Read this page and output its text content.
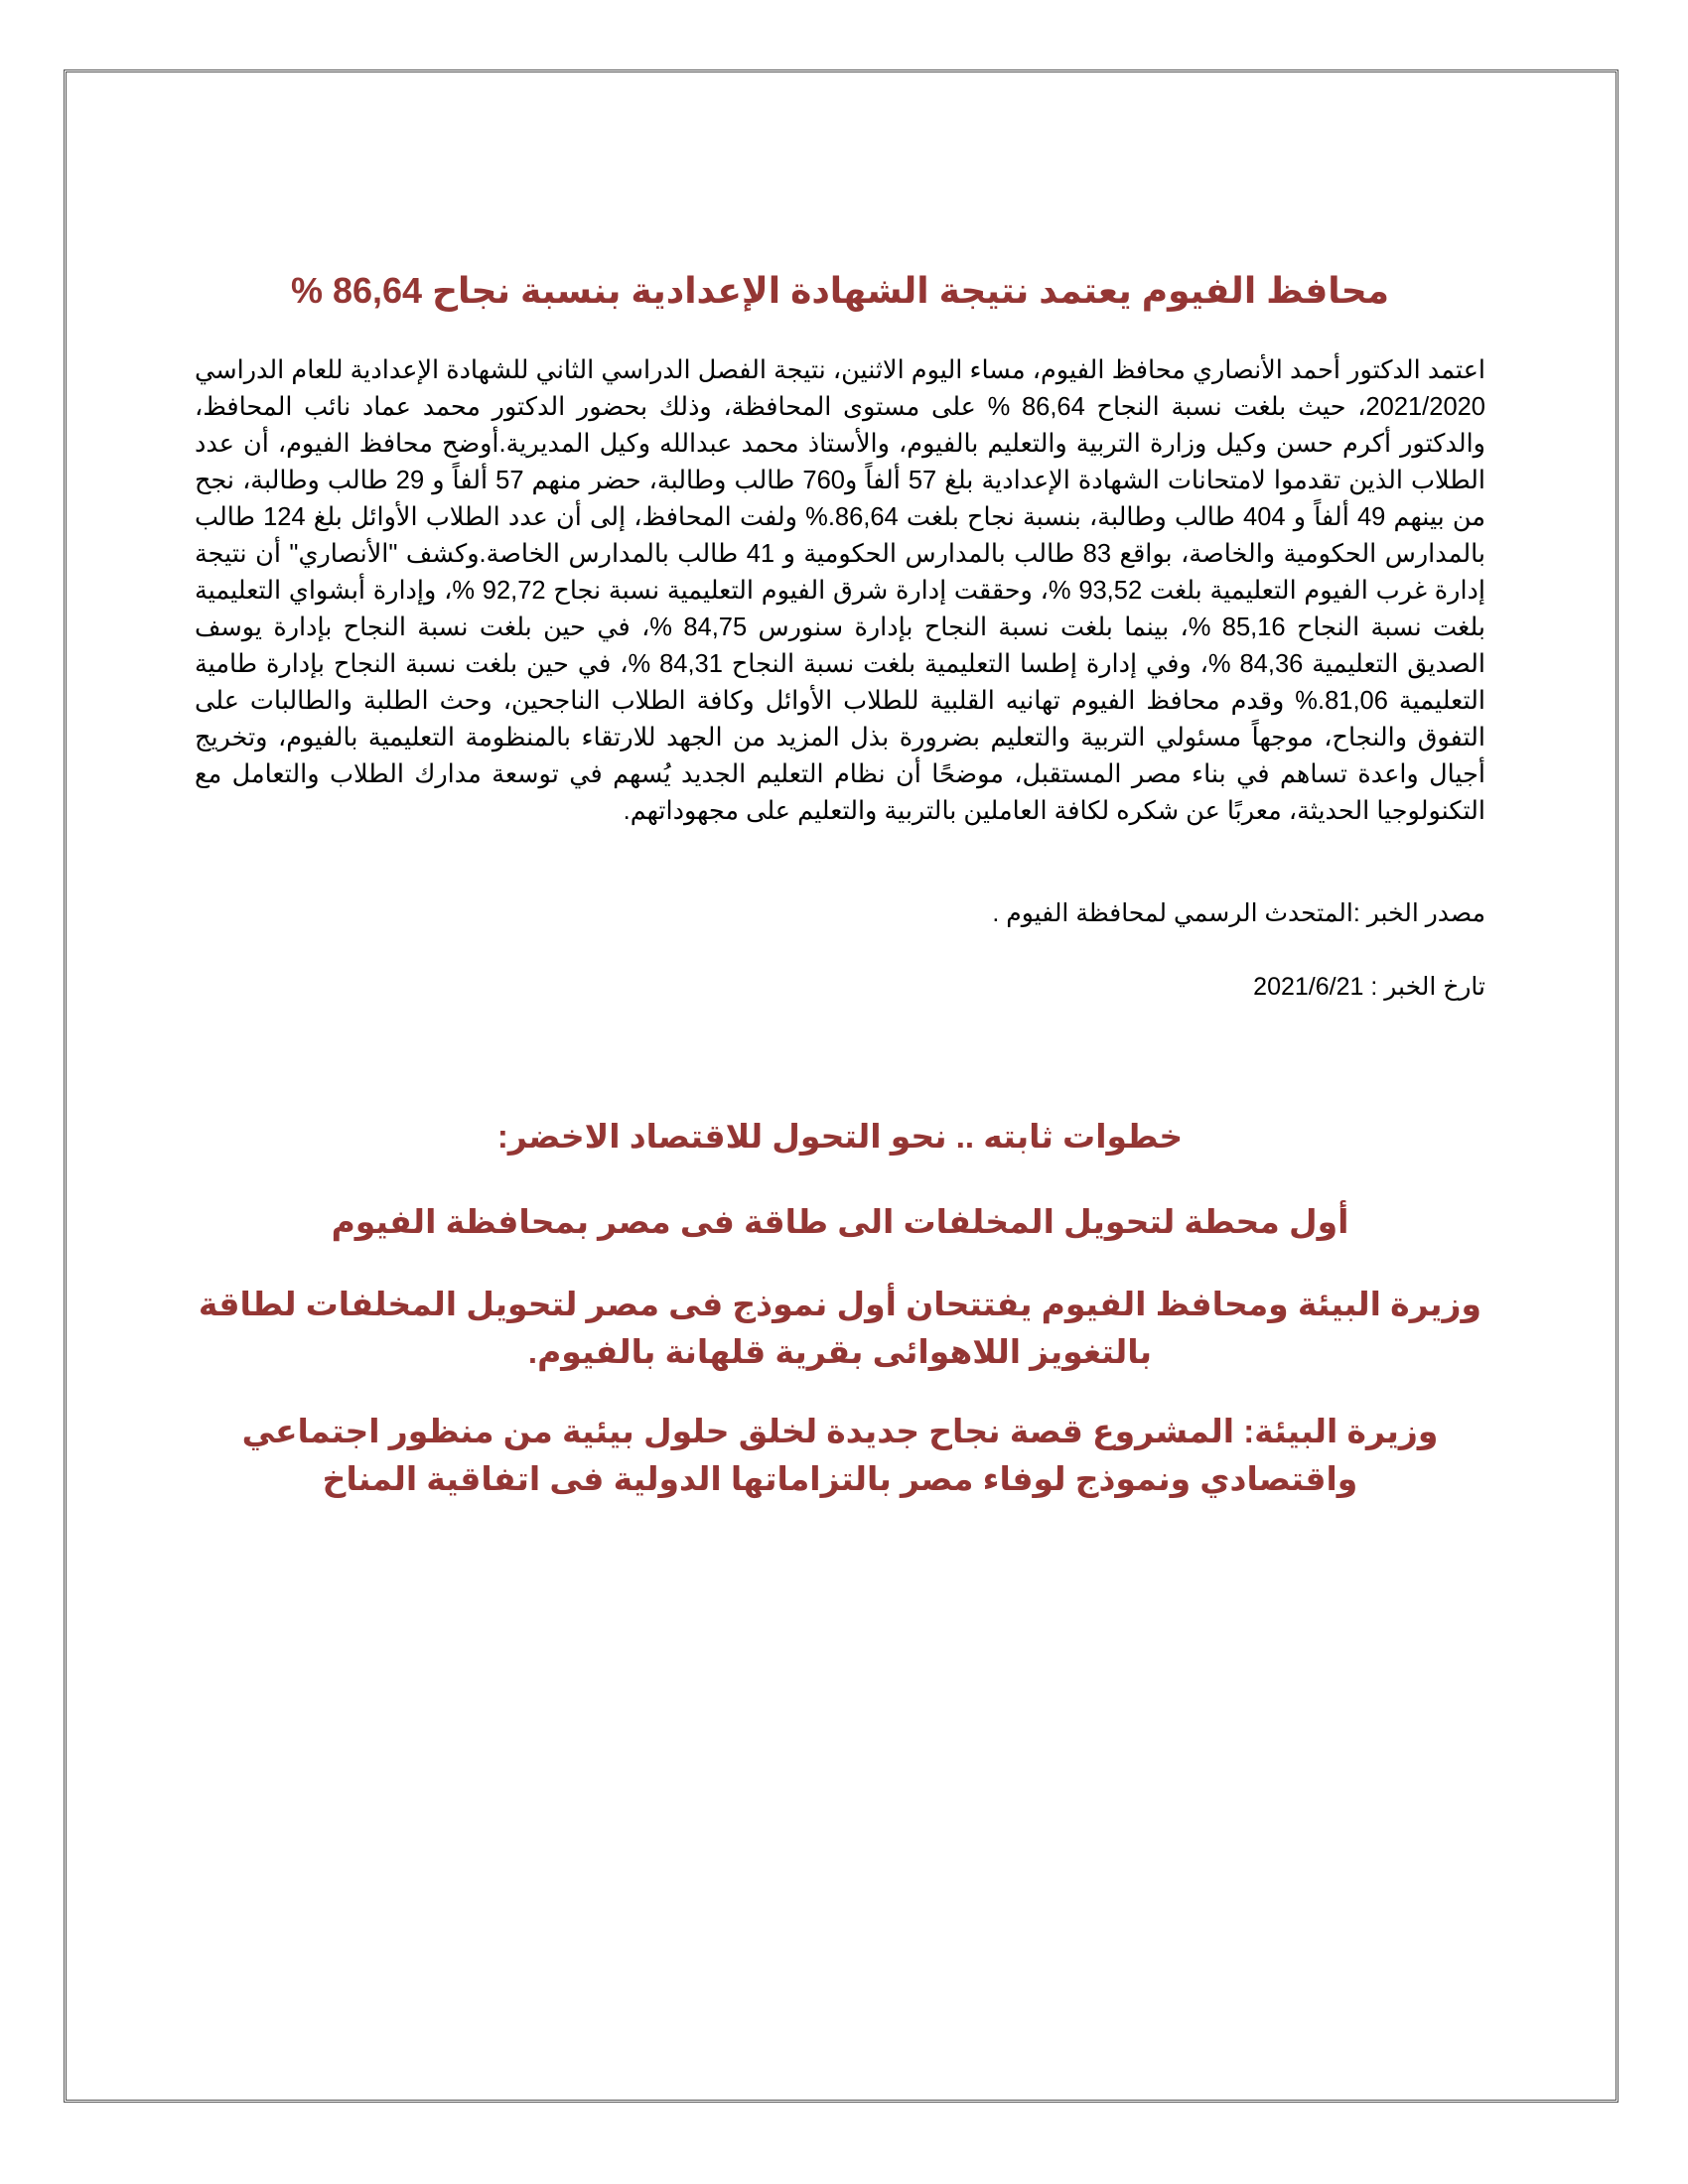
محافظ الفيوم يعتمد نتيجة الشهادة الإعدادية بنسبة نجاح 86,64 %

اعتمد الدكتور أحمد الأنصاري محافظ الفيوم، مساء اليوم الاثنين، نتيجة الفصل الدراسي الثاني للشهادة الإعدادية للعام الدراسي 2021/2020، حيث بلغت نسبة النجاح 86,64 % على مستوى المحافظة، وذلك بحضور الدكتور محمد عماد نائب المحافظ، والدكتور أكرم حسن وكيل وزارة التربية والتعليم بالفيوم، والأستاذ محمد عبدالله وكيل المديرية.أوضح محافظ الفيوم، أن عدد الطلاب الذين تقدموا لامتحانات الشهادة الإعدادية بلغ 57 ألفاً و760 طالب وطالبة، حضر منهم 57 ألفاً و 29 طالب وطالبة، نجح من بينهم 49 ألفاً و 404 طالب وطالبة، بنسبة نجاح بلغت 86,64.% ولفت المحافظ، إلى أن عدد الطلاب الأوائل بلغ 124 طالب بالمدارس الحكومية والخاصة، بواقع 83 طالب بالمدارس الحكومية و 41 طالب بالمدارس الخاصة.وكشف "الأنصاري" أن نتيجة إدارة غرب الفيوم التعليمية بلغت 93,52 %، وحققت إدارة شرق الفيوم التعليمية نسبة نجاح 92,72 %، وإدارة أبشواي التعليمية بلغت نسبة النجاح 85,16 %، بينما بلغت نسبة النجاح بإدارة سنورس 84,75 %، في حين بلغت نسبة النجاح بإدارة يوسف الصديق التعليمية 84,36 %، وفي إدارة إطسا التعليمية بلغت نسبة النجاح 84,31 %، في حين بلغت نسبة النجاح بإدارة طامية التعليمية 81,06.% وقدم محافظ الفيوم تهانيه القلبية للطلاب الأوائل وكافة الطلاب الناجحين، وحث الطلبة والطالبات على التفوق والنجاح، موجهاً مسئولي التربية والتعليم بضرورة بذل المزيد من الجهد للارتقاء بالمنظومة التعليمية بالفيوم، وتخريج أجيال واعدة تساهم في بناء مصر المستقبل، موضحًا أن نظام التعليم الجديد يُسهم في توسعة مدارك الطلاب والتعامل مع التكنولوجيا الحديثة، معربًا عن شكره لكافة العاملين بالتربية والتعليم على مجهوداتهم.

مصدر الخبر :المتحدث الرسمي لمحافظة الفيوم .

تارخ الخبر : 2021/6/21

خطوات ثابته .. نحو التحول للاقتصاد الاخضر:
أول محطة لتحويل المخلفات الى طاقة فى مصر بمحافظة الفيوم
وزيرة البيئة ومحافظ الفيوم يفتتحان أول نموذج فى مصر لتحويل المخلفات لطاقة بالتغويز اللاهوائى بقرية قلهانة بالفيوم.
وزيرة البيئة: المشروع قصة نجاح جديدة لخلق حلول بيئية من منظور اجتماعي واقتصادي ونموذج لوفاء مصر بالتزاماتها الدولية فى اتفاقية المناخ
